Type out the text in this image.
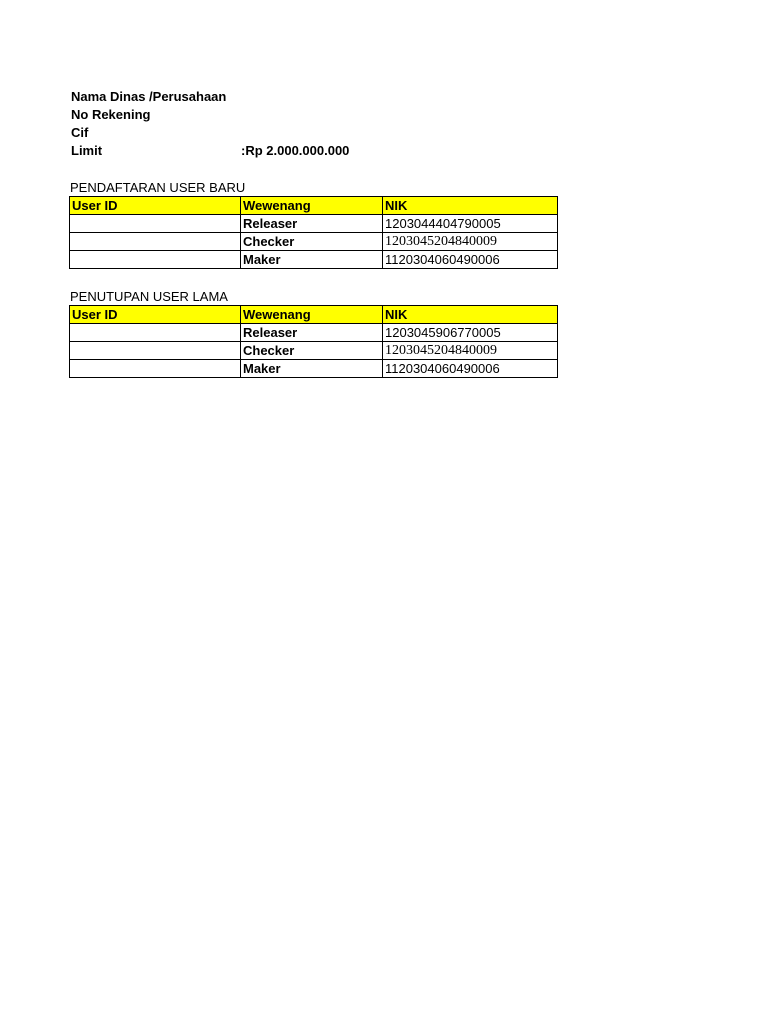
Nama Dinas /Perusahaan
No Rekening
Cif
Limit	:Rp 2.000.000.000
PENDAFTARAN USER BARU
User ID	Wewenang	NIK
	Releaser	1203044404790005
	Checker	1203045204840009
	Maker	1120304060490006
PENUTUPAN USER LAMA
User ID	Wewenang	NIK
	Releaser	1203045906770005
	Checker	1203045204840009
	Maker	1120304060490006
